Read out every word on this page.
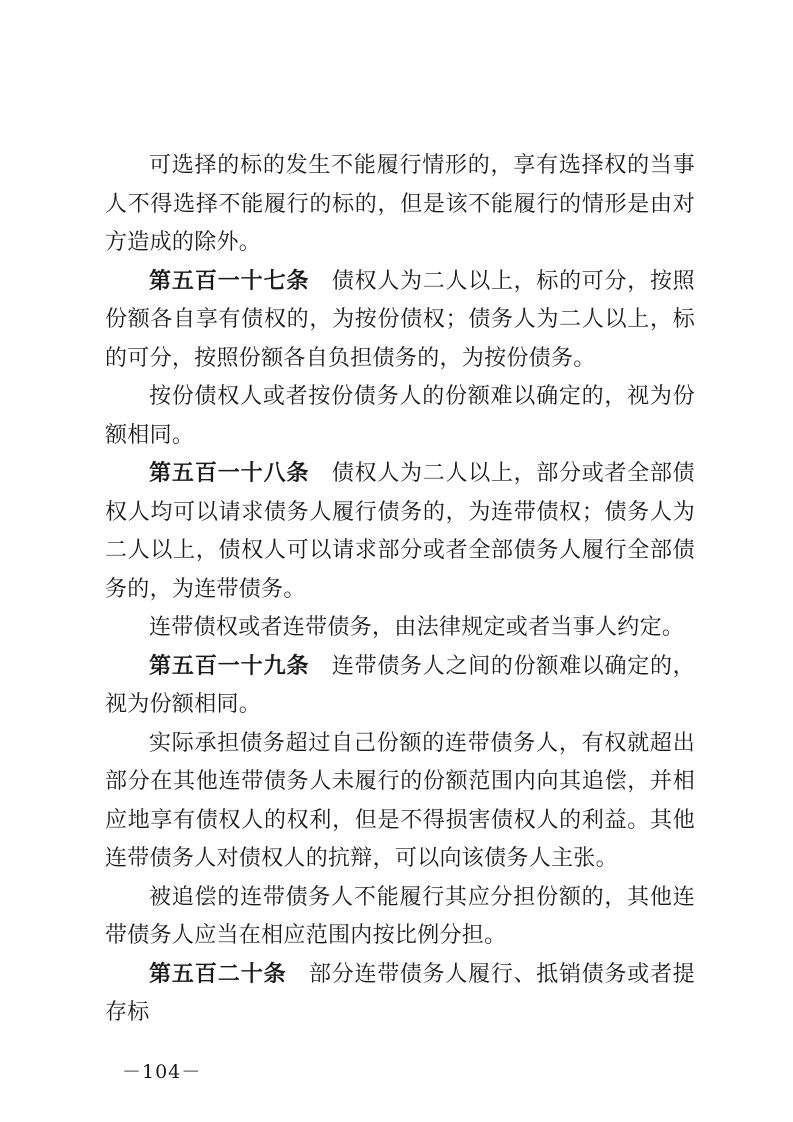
可选择的标的发生不能履行情形的，享有选择权的当事人不得选择不能履行的标的，但是该不能履行的情形是由对方造成的除外。

第五百一十七条 债权人为二人以上，标的可分，按照份额各自享有债权的，为按份债权；债务人为二人以上，标的可分，按照份额各自负担债务的，为按份债务。

按份债权人或者按份债务人的份额难以确定的，视为份额相同。

第五百一十八条 债权人为二人以上，部分或者全部债权人均可以请求债务人履行债务的，为连带债权；债务人为二人以上，债权人可以请求部分或者全部债务人履行全部债务的，为连带债务。

连带债权或者连带债务，由法律规定或者当事人约定。

第五百一十九条 连带债务人之间的份额难以确定的，视为份额相同。

实际承担债务超过自己份额的连带债务人，有权就超出部分在其他连带债务人未履行的份额范围内向其追偿，并相应地享有债权人的权利，但是不得损害债权人的利益。其他连带债务人对债权人的抗辩，可以向该债务人主张。

被追偿的连带债务人不能履行其应分担份额的，其他连带债务人应当在相应范围内按比例分担。

第五百二十条 部分连带债务人履行、抵销债务或者提存标

－104－
